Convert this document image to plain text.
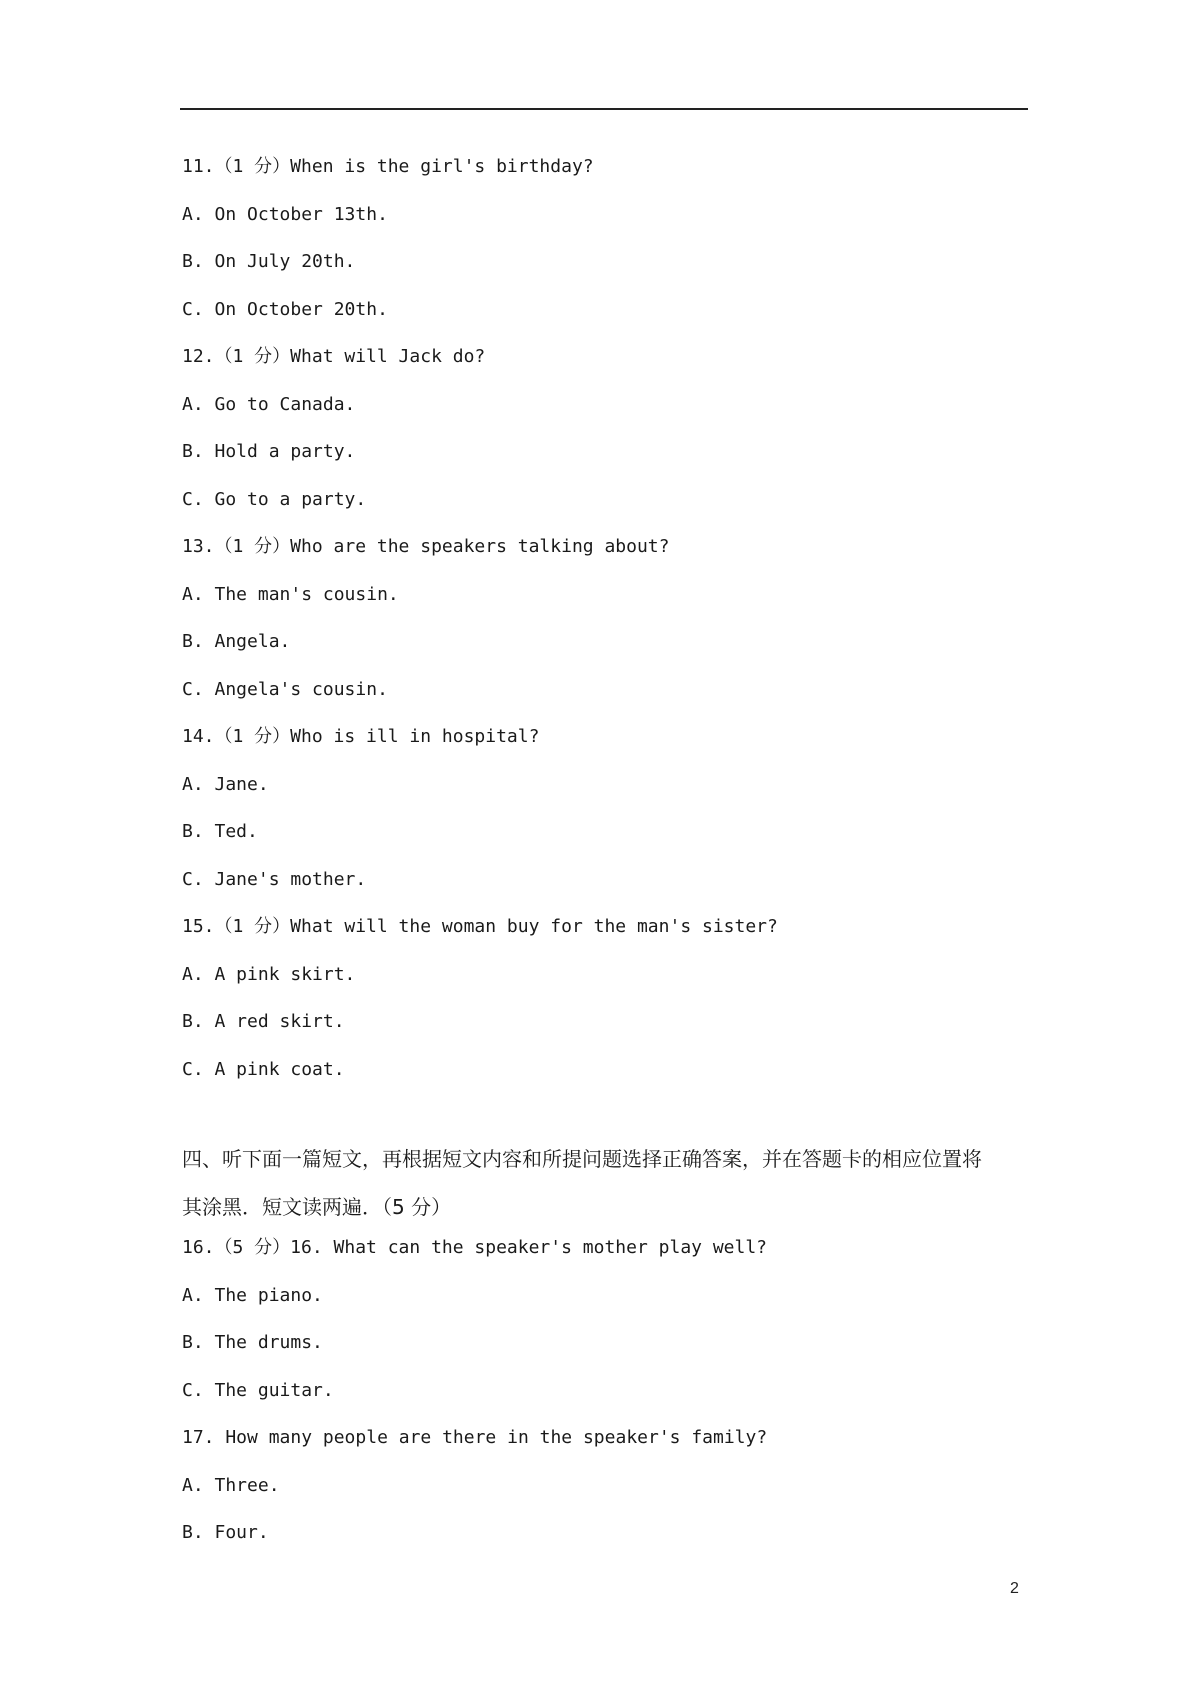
11.（1 分）When is the girl's birthday?
A. On October 13th.
B. On July 20th.
C. On October 20th.
12.（1 分）What will Jack do?
A. Go to Canada.
B. Hold a party.
C. Go to a party.
13.（1 分）Who are the speakers talking about?
A. The man's cousin.
B. Angela.
C. Angela's cousin.
14.（1 分）Who is ill in hospital?
A. Jane.
B. Ted.
C. Jane's mother.
15.（1 分）What will the woman buy for the man's sister?
A. A pink skirt.
B. A red skirt.
C. A pink coat.
四、听下面一篇短文，再根据短文内容和所提问题选择正确答案，并在答题卡的相应位置将
其涂黑．短文读两遍．（5 分）
16.（5 分）16. What can the speaker's mother play well?
A. The piano.
B. The drums.
C. The guitar.
17. How many people are there in the speaker's family?
A. Three.
B. Four.
2
